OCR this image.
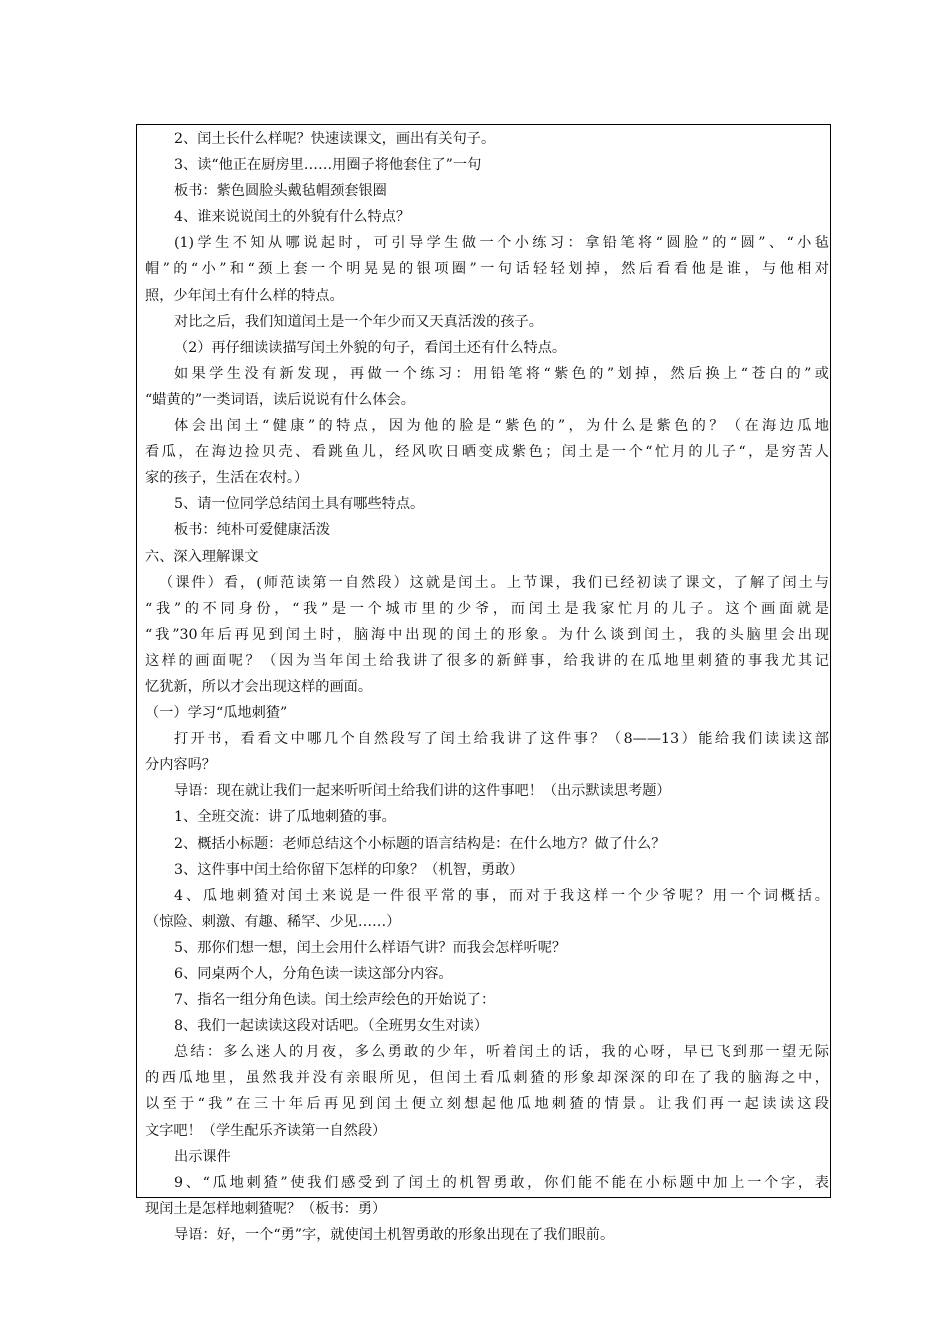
2、闰土长什么样呢？快速读课文，画出有关句子。

3、读“他正在厨房里……用圈子将他套住了”一句

板书：紫色圆脸头戴毡帽颈套银圈

4、谁来说说闰土的外貌有什么特点？

(1)学生不知从哪说起时，可引导学生做一个小练习：拿铅笔将“圆脸”的“圆”、“小毡

帽”的“小”和“颈上套一个明晃晃的银项圈”一句话轻轻划掉，然后看看他是谁，与他相对

照，少年闰土有什么样的特点。

对比之后，我们知道闰土是一个年少而又天真活泼的孩子。

（2）再仔细读读描写闰土外貌的句子，看闰土还有什么特点。

如果学生没有新发现，再做一个练习：用铅笔将“紫色的”划掉，然后换上“苍白的”或

“蜡黄的”一类词语，读后说说有什么体会。

体会出闰土“健康”的特点，因为他的脸是“紫色的”，为什么是紫色的？（在海边瓜地

看瓜，在海边捡贝壳、看跳鱼儿，经风吹日晒变成紫色；闰土是一个“忙月的儿子“，是穷苦人

家的孩子，生活在农村。）

5、请一位同学总结闰土具有哪些特点。

板书：纯朴可爱健康活泼

六、深入理解课文

（课件）看，(师范读第一自然段）这就是闰土。上节课，我们已经初读了课文，了解了闰土与

“我”的不同身份，“我”是一个城市里的少爷，而闰土是我家忙月的儿子。这个画面就是

“我”30年后再见到闰土时，脑海中出现的闰土的形象。为什么谈到闰土，我的头脑里会出现

这样的画面呢？（因为当年闰土给我讲了很多的新鲜事，给我讲的在瓜地里刺猹的事我尤其记

忆犹新，所以才会出现这样的画面。

（一）学习“瓜地刺猹”

打开书，看看文中哪几个自然段写了闰土给我讲了这件事？（8——13）能给我们读读这部

分内容吗？

导语：现在就让我们一起来听听闰土给我们讲的这件事吧！（出示默读思考题）

1、全班交流：讲了瓜地刺猹的事。

2、概括小标题：老师总结这个小标题的语言结构是：在什么地方？做了什么？

3、这件事中闰土给你留下怎样的印象？（机智，勇敢）

4、瓜地刺猹对闰土来说是一件很平常的事，而对于我这样一个少爷呢？用一个词概括。

（惊险、刺激、有趣、稀罕、少见……）

5、那你们想一想，闰土会用什么样语气讲？而我会怎样听呢？

6、同桌两个人，分角色读一读这部分内容。

7、指名一组分角色读。闰土绘声绘色的开始说了：

8、我们一起读读这段对话吧。（全班男女生对读）

总结：多么迷人的月夜，多么勇敢的少年，听着闰土的话，我的心呀，早已飞到那一望无际

的西瓜地里，虽然我并没有亲眼所见，但闰土看瓜刺猹的形象却深深的印在了我的脑海之中，

以至于“我”在三十年后再见到闰土便立刻想起他瓜地刺猹的情景。让我们再一起读读这段

文字吧！（学生配乐齐读第一自然段）

出示课件

9、“瓜地刺猹”使我们感受到了闰土的机智勇敢，你们能不能在小标题中加上一个字，表

现闰土是怎样地刺猹呢？（板书：勇）

导语：好，一个“勇”字，就使闰土机智勇敢的形象出现在了我们眼前。
